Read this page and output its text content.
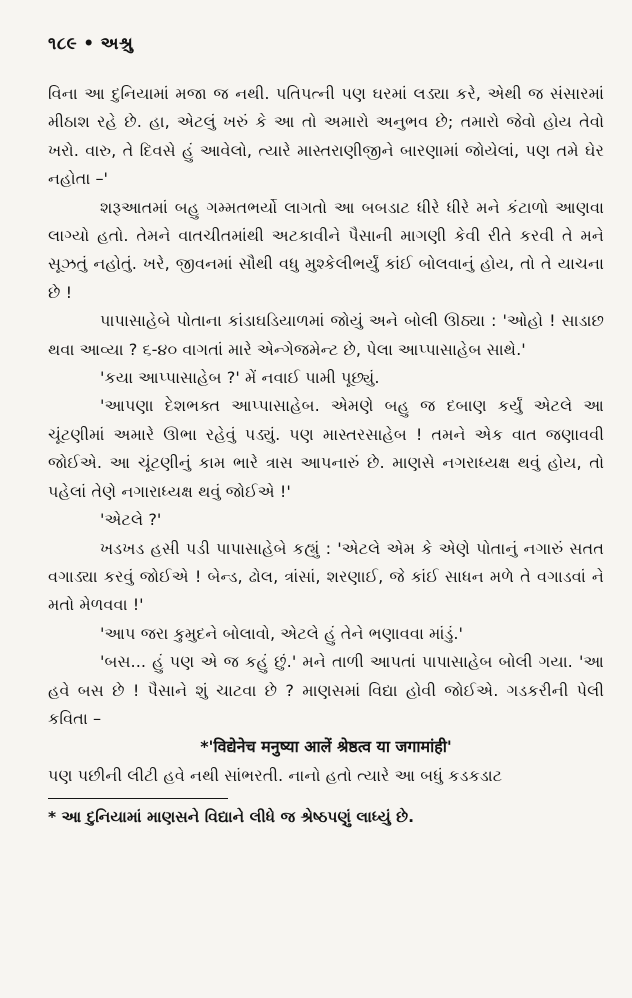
૧૮૯ • અશ્રુ

વિના આ દુનિયામાં મજા જ નથી. પતિપત્ની પણ ઘરમાં લડ્યા કરે, એથી જ સંસારમાં મીઠાશ રહે છે. હા, એટલું ખરું કે આ તો અમારો અનુભવ છે; તમારો જેવો હોય તેવો ખરો. વારુ, તે દિવસે હું આવેલો, ત્યારે માસ્તરાણીજીને બારણામાં જોયેલાં, પણ તમે ઘેર નહોતા –'

શરૂઆતમાં બહુ ગમ્મતભર્યો લાગતો આ બબડાટ ધીરે ધીરે મને કંટાળો આણવા લાગ્યો હતો. તેમને વાતચીતમાંથી અટકાવીને પૈસાની માગણી કેવી રીતે કરવી તે મને સૂઝતું નહોતું. ખરે, જીવનમાં સૌથી વધુ મુશ્કેલીભર્યું કાંઈ બોલવાનું હોય, તો તે યાચના છે !

પાપાસાહેબે પોતાના કાંડાઘડિયાળમાં જોયું અને બોલી ઊઠ્યા : 'ઓહો ! સાડાછ થવા આવ્યા ? ૬-૪૦ વાગતાં મારે એન્ગેજમેન્ટ છે, પેલા આપ્પાસાહેબ સાથે.'

'કયા આપ્પાસાહેબ ?' મેં નવાઈ પામી પૂછ્યું.

'આપણા દેશભક્ત આપ્પાસાહેબ. એમણે બહુ જ દબાણ કર્યું એટલે આ ચૂંટણીમાં અમારે ઊભા રહેવું પડ્યું. પણ માસ્તરસાહેબ ! તમને એક વાત જણાવવી જોઈએ. આ ચૂંટણીનું કામ ભારે ત્રાસ આપનારું છે. માણસે નગરાધ્યક્ષ થવું હોય, તો પહેલાં તેણે નગારાધ્યક્ષ થવું જોઈએ !'

'એટલે ?'

ખડખડ હસી પડી પાપાસાહેબે કહ્યું : 'એટલે એમ કે એણે પોતાનું નગારું સતત વગાડ્યા કરવું જોઈએ ! બેન્ડ, ઢોલ, ત્રાંસાં, શરણાઈ, જે કાંઈ સાધન મળે તે વગાડવાં ને મતો મેળવવા !'

'આપ જરા કુમુદને બોલાવો, એટલે હું તેને ભણાવવા માંડું.'

'બસ... હું પણ એ જ કહું છું.' મને તાળી આપતાં પાપાસાહેબ બોલી ગયા. 'આ હવે બસ છે ! પૈસાને શું ચાટવા છે ? માણસમાં વિદ્યા હોવી જોઈએ. ગડકરીની પેલી કવિતા –

*'विद्येनेच मनुष्या आलें श्रेष्ठत्व या जगामांही'

પણ પછીની લીટી હવે નથી સાંભરતી. નાનો હતો ત્યારે આ બધું કડકડાટ

* આ દુનિયામાં માણસને વિદ્યાને લીધે જ શ્રેષ્ઠપણું લાધ્યું છે.
